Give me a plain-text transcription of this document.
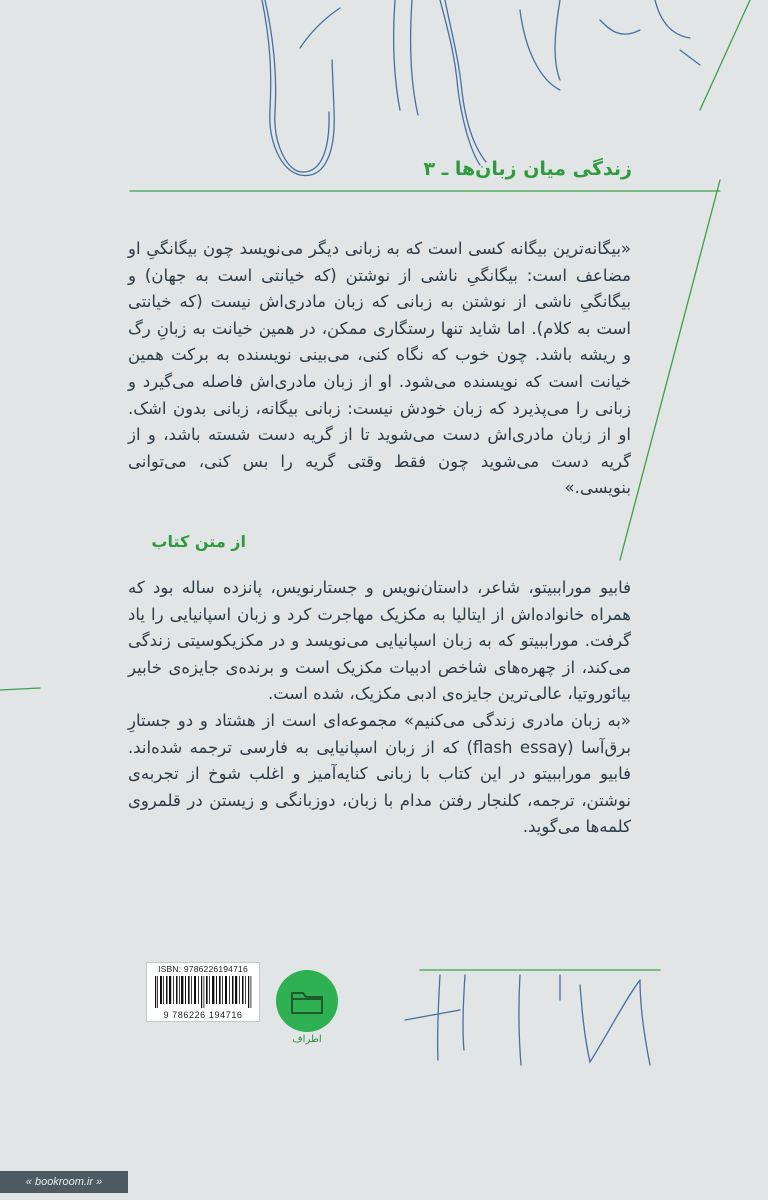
زندگی میان زبان‌ها ـ ۳

«بیگانه‌ترین بیگانه کسی است که به زبانی دیگر می‌نویسد چون بیگانگیِ او مضاعف است: بیگانگیِ ناشی از نوشتن (که خیانتی است به جهان) و بیگانگیِ ناشی از نوشتن به زبانی که زبان مادری‌اش نیست (که خیانتی است به کلام). اما شاید تنها رستگاری ممکن، در همین خیانت به زبانِ رگ و ریشه باشد. چون خوب که نگاه کنی، می‌بینی نویسنده به برکت همین خیانت است که نویسنده می‌شود. او از زبان مادری‌اش فاصله می‌گیرد و زبانی را می‌پذیرد که زبان خودش نیست: زبانی بیگانه، زبانی بدون اشک. او از زبان مادری‌اش دست می‌شوید تا از گریه دست شسته باشد، و از گریه دست می‌شوید چون فقط وقتی گریه را بس کنی، می‌توانی بنویسی.»

از متن کتاب

فابیو موراببیتو، شاعر، داستان‌نویس و جستارنویس، پانزده ساله بود که همراه خانواده‌اش از ایتالیا به مکزیک مهاجرت کرد و زبان اسپانیایی را یاد گرفت. موراببیتو که به زبان اسپانیایی می‌نویسد و در مکزیکوسیتی زندگی می‌کند، از چهره‌های شاخص ادبیات مکزیک است و برنده‌ی جایزه‌ی خابیر بیائوروتیا، عالی‌ترین جایزه‌ی ادبی مکزیک، شده است.

«به زبان مادری زندگی می‌کنیم» مجموعه‌ای است از هشتاد و دو جستارِ برق‌آسا (flash essay) که از زبان اسپانیایی به فارسی ترجمه شده‌اند. فابیو موراببیتو در این کتاب با زبانی کنایه‌آمیز و اغلب شوخ از تجربه‌ی نوشتن، ترجمه، کلنجار رفتن مدام با زبان، دوزبانگی و زیستن در قلمروی کلمه‌ها می‌گوید.

ISBN: 9786226194716
9 786226 194716
اطراف
« bookroom.ir »
